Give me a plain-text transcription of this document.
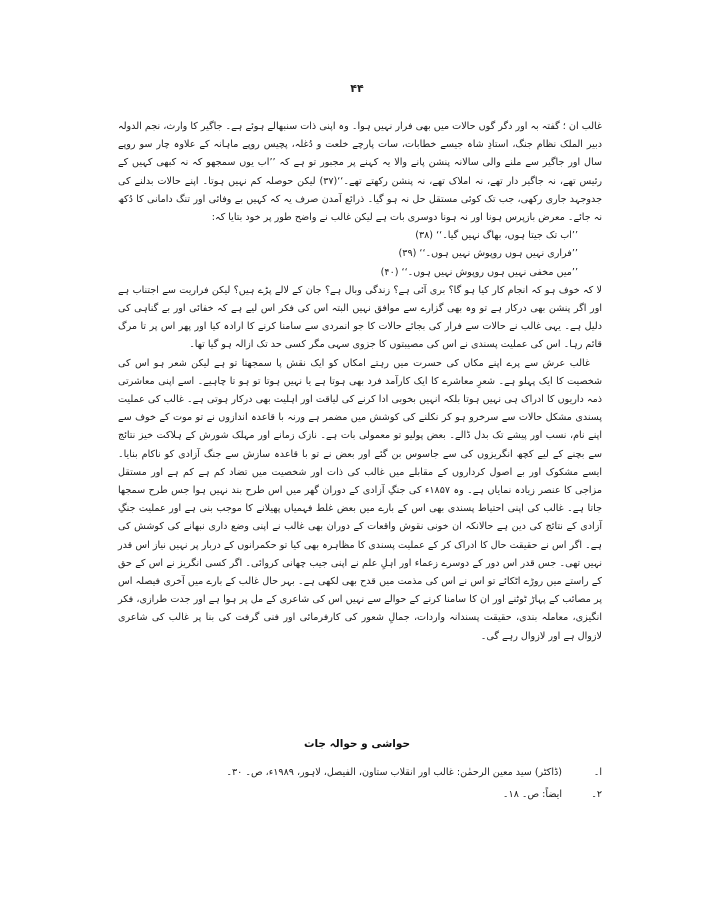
۴۴

غالب ان ؛ گفتہ بہ اور دگر گوں حالات میں بھی فرار نہیں ہوا۔ وہ اپنی ذات سنبھالے ہوئے ہے۔ جاگیر کا وارث، نجم الدولہ دبیر الملک نظام جنگ، استادِ شاہ جیسے خطابات، سات پارچے خلعت و دُغلہ، پچیس روپے ماہانہ کے علاوہ چار سو روپے سال اور جاگیر سے ملنے والی سالانہ پنشن پانے والا یہ کہنے پر مجبور تو ہے کہ ’’اب یوں سمجھو کہ نہ کبھی کہیں کے رئیس تھے، نہ جاگیر دار تھے، نہ املاک تھے، نہ پنشن رکھتے تھے۔‘‘(۳۷) لیکن حوصلہ کم نہیں ہوتا۔ اپنے حالات بدلنے کی جدوجہد جاری رکھی، جب تک کوئی مستقل حل نہ ہو گیا۔ ذرائع آمدن صرف یہ کہ کہیں بے وفائی اور تنگ دامانی کا دُکھ نہ جائے۔ معرض بازپرس ہونا اور نہ ہونا دوسری بات ہے لیکن غالب نے واضح طور پر خود بتایا کہ:

’’اب تک جیتا ہوں، بھاگ نہیں گیا۔‘‘ (۳۸)
’’فراری نہیں ہوں روپوش نہیں ہوں۔‘‘ (۳۹)
’’میں مخفی نہیں ہوں روپوش نہیں ہوں۔‘‘ (۴۰)

لا کہ خوف ہو کہ انجام کار کیا ہو گا؟ بری آئی ہے؟ زندگی وبال ہے؟ جان کے لالے پڑے ہیں؟ لیکن فراریت سے اجتناب ہے اور اگر پنشن بھی درکار ہے تو وہ بھی گزارے سے موافق نہیں البتہ اس کی فکر اس لیے ہے کہ خفائی اور بے گناہی کی دلیل ہے۔ یہی غالب نے حالات سے فرار کی بجائے حالات کا جو انمردی سے سامنا کرنے کا ارادہ کیا اور پھر اس پر تا مرگ قائم رہا۔ اس کی عملیت پسندی نے اس کی مصیبتوں کا جزوی سہی مگر کسی حد تک ازالہ ہو گیا تھا۔

غالب عرش سے پرے اپنے مکاں کی حسرت میں رہتے امکاں کو ایک نقش پا سمجھتا تو ہے لیکن شعر ہو اس کی شخصیت کا ایک پہلو ہے۔ شعرِ معاشرے کا ایک کارآمد فرد بھی ہوتا ہے یا نہیں ہوتا تو ہو تا چاہیے۔ اسے اپنی معاشرتی ذمہ داریوں کا ادراک ہی نہیں ہوتا بلکہ انہیں بخوبی ادا کرنے کی لیاقت اور اہلیت بھی درکار ہوتی ہے۔ غالب کی عملیت پسندی مشکل حالات سے سرخرو ہو کر نکلنے کی کوشش میں مضمر ہے ورنہ با قاعدہ اندازوں نے تو موت کے خوف سے اپنے نام، نسب اور پیشے تک بدل ڈالے۔ بعض پولیو تو معمولی بات ہے۔ نازک زمانے اور مہلک شورش کے ہلاکت خیز نتائج سے بچنے کے لیے کچھ انگریزوں کی سے جاسوس بن گئے اور بعض نے تو با قاعدہ سازش سے جنگ آزادی کو ناکام بنایا۔ ایسے مشکوک اور بے اصول کرداروں کے مقابلے میں غالب کی ذات اور شخصیت میں تضاد کم ہے کم ہے اور مستقل مزاجی کا عنصر زیادہ نمایاں ہے۔ وہ ۱۸۵۷ء کی جنگِ آزادی کے دوران گھر میں اس طرح بند نہیں ہوا جس طرح سمجھا جاتا ہے۔ غالب کی اپنی احتیاط پسندی بھی اس کے بارے میں بعض غلط فہمیاں پھیلانے کا موجب بنی ہے اور عملیت جنگِ آزادی کے نتائج کی دین ہے حالانکہ ان خونی نقوش واقعات کے دوران بھی غالب نے اپنی وضع داری نبھانے کی کوشش کی ہے۔ اگر اس نے حقیقت حال کا ادراک کر کے عملیت پسندی کا مظاہرہ بھی کیا تو حکمرانوں کے دربار پر نہیں نیاز اس قدر نہیں تھی۔ جس قدر اس دور کے دوسرے زعماء اور اہلِ علم نے اپنی جیب چھانی کروائی۔ اگر کسی انگریز نے اس کے حق کے راستے میں روڑے اٹکائے تو اس نے اس کی مذمت میں قدح بھی لکھی ہے۔ بہر حال غالب کے بارے میں آخری فیصلہ اس پر مصائب کے پہاڑ ٹوٹنے اور ان کا سامنا کرنے کے حوالے سے نہیں اس کی شاعری کے مل پر ہوا ہے اور جدت طرازی، فکر انگیزی، معاملہ بندی، حقیقت پسندانہ واردات، جمالِ شعور کی کارفرمائی اور فنی گرفت کی بنا پر غالب کی شاعری لازوال ہے اور لازوال رہے گی۔

حواشی و حوالہ جات
ا۔
(ڈاکٹر) سید معین الرحمٰن: غالب اور انقلاب ستاون، الفیصل، لاہور، ۱۹۸۹ء، ص۔ ۳۰۔
۲۔
ایضاً: ص۔ ۱۸۔
